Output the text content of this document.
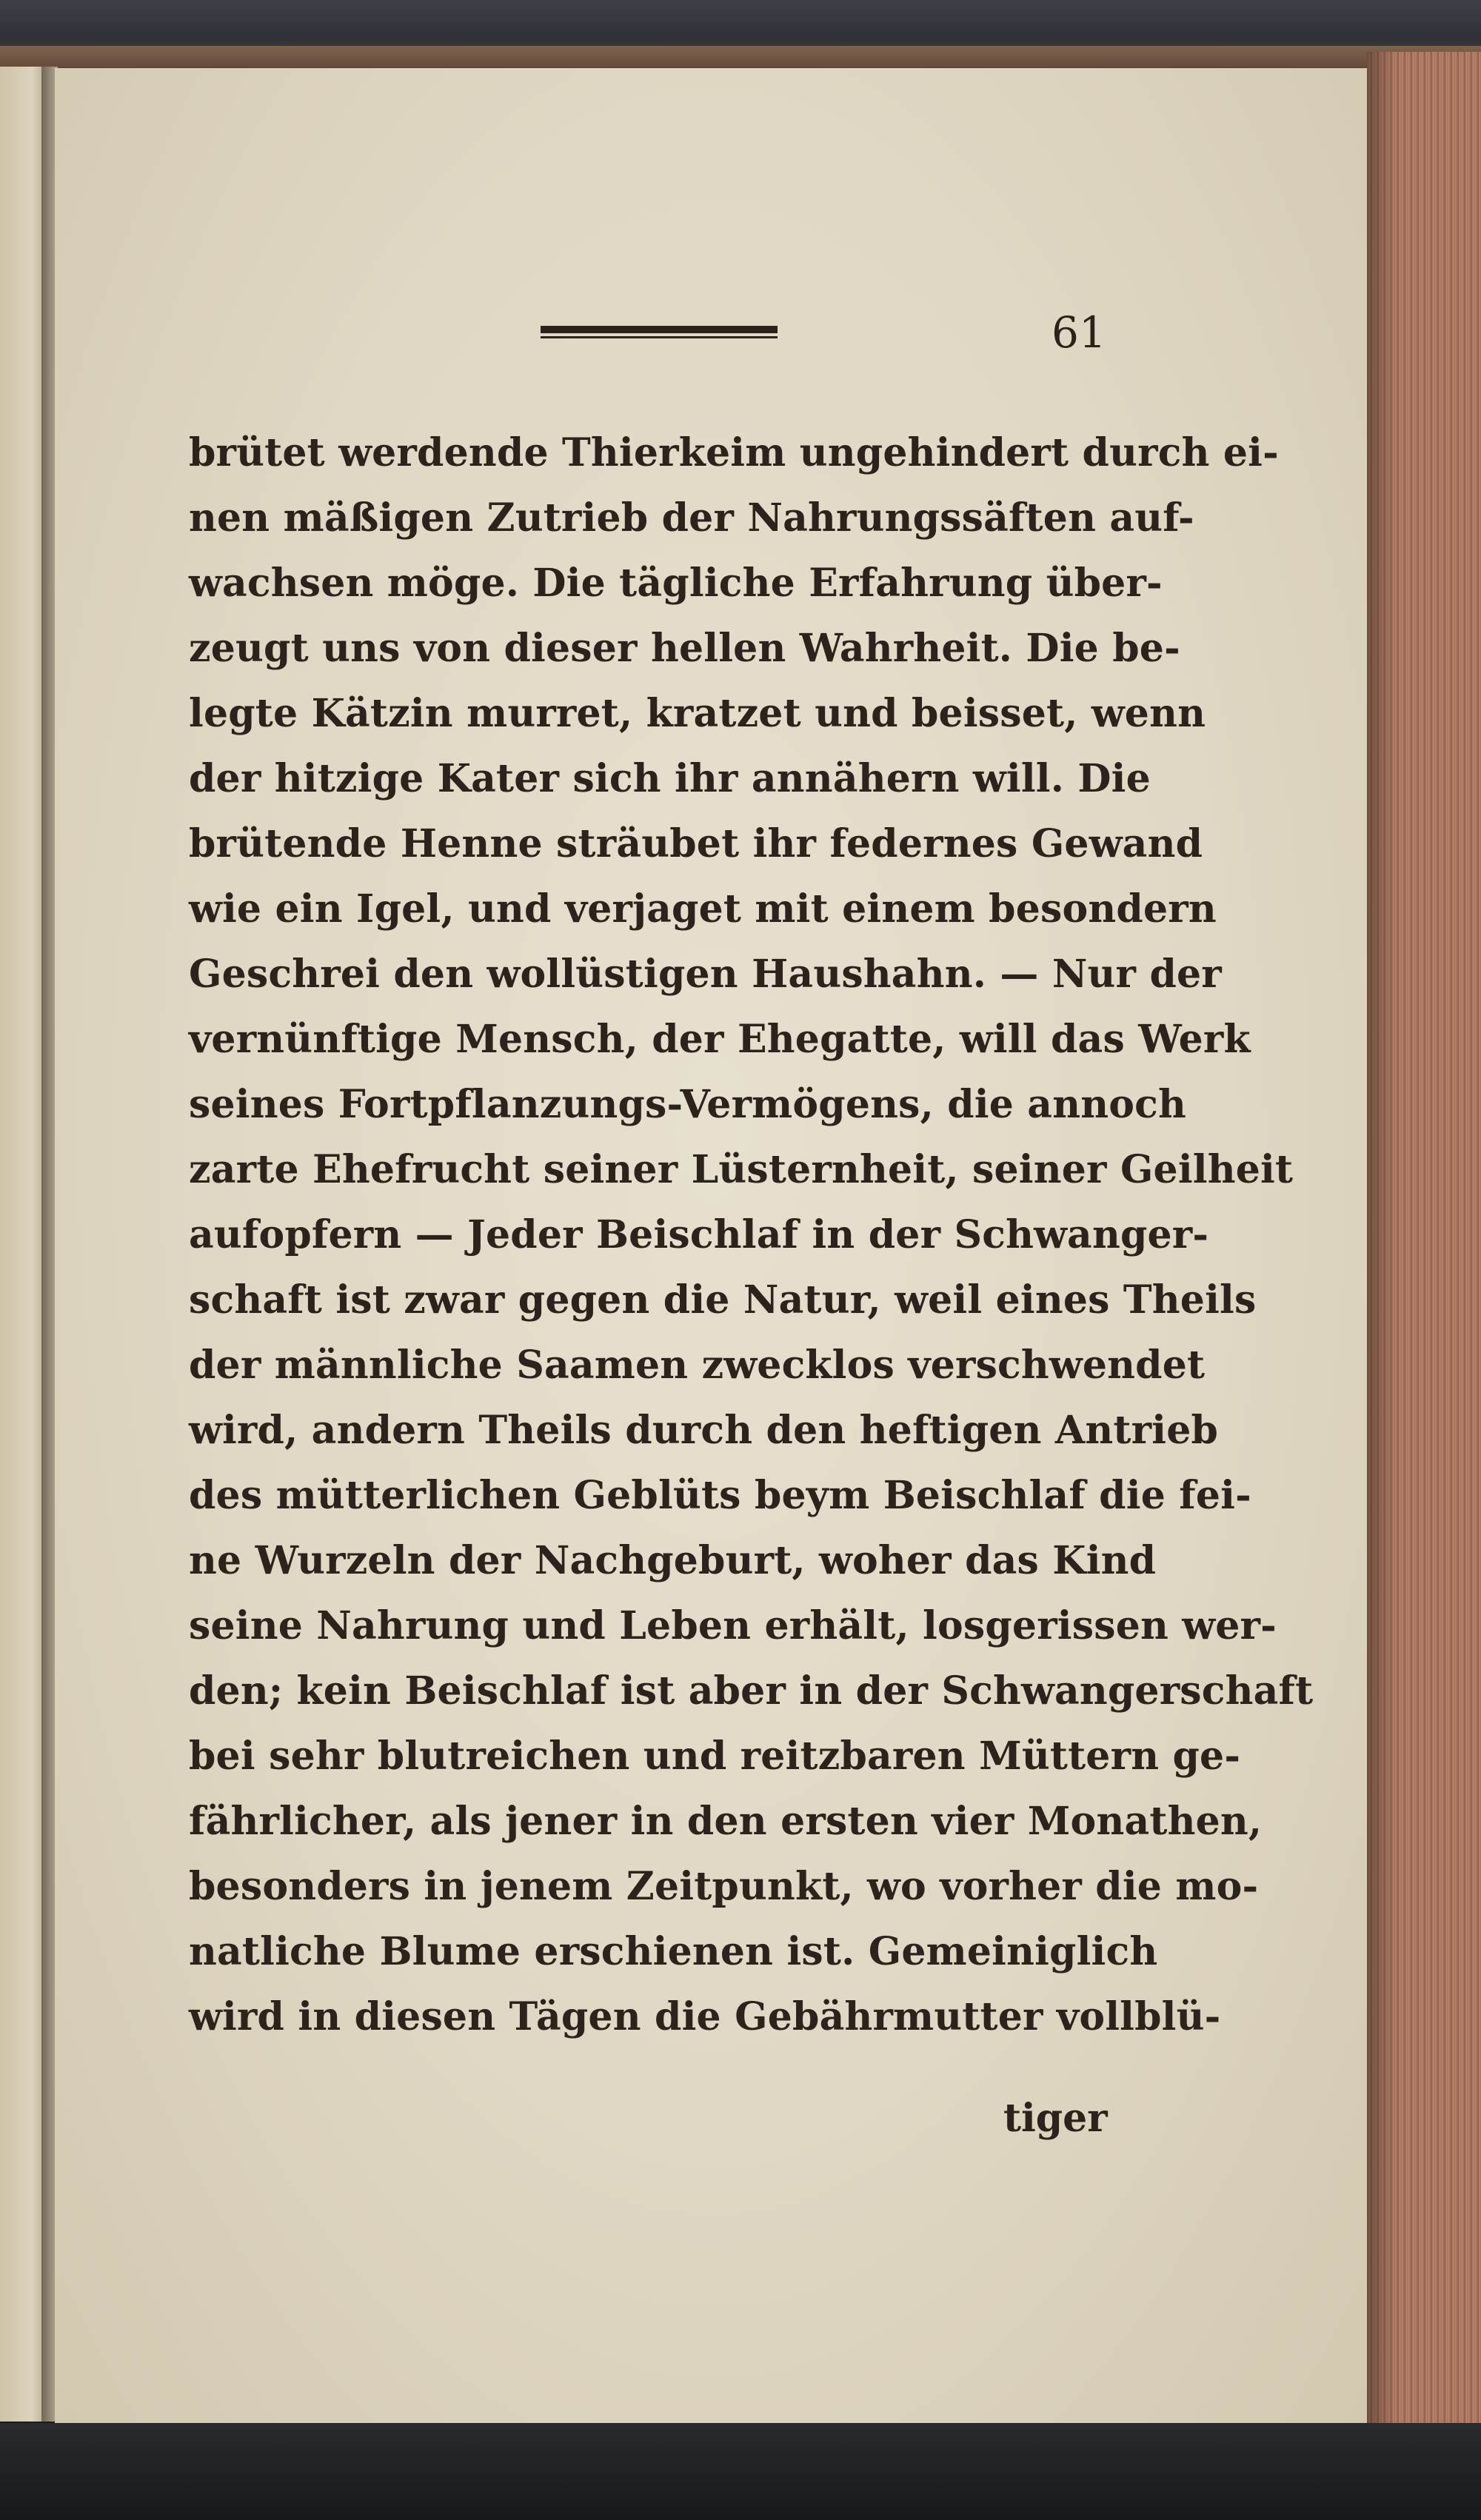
61
brütet werdende Thierkeim ungehindert durch ei-
nen mäßigen Zutrieb der Nahrungssäften auf-
wachsen möge. Die tägliche Erfahrung über-
zeugt uns von dieser hellen Wahrheit. Die be-
legte Kätzin murret, kratzet und beisset, wenn
der hitzige Kater sich ihr annähern will. Die
brütende Henne sträubet ihr federnes Gewand
wie ein Igel, und verjaget mit einem besondern
Geschrei den wollüstigen Haushahn. — Nur der
vernünftige Mensch, der Ehegatte, will das Werk
seines Fortpflanzungs-Vermögens, die annoch
zarte Ehefrucht seiner Lüsternheit, seiner Geilheit
aufopfern — Jeder Beischlaf in der Schwanger-
schaft ist zwar gegen die Natur, weil eines Theils
der männliche Saamen zwecklos verschwendet
wird, andern Theils durch den heftigen Antrieb
des mütterlichen Geblüts beym Beischlaf die fei-
ne Wurzeln der Nachgeburt, woher das Kind
seine Nahrung und Leben erhält, losgerissen wer-
den; kein Beischlaf ist aber in der Schwangerschaft
bei sehr blutreichen und reitzbaren Müttern ge-
fährlicher, als jener in den ersten vier Monathen,
besonders in jenem Zeitpunkt, wo vorher die mo-
natliche Blume erschienen ist. Gemeiniglich
wird in diesen Tägen die Gebährmutter vollblü-
tiger
